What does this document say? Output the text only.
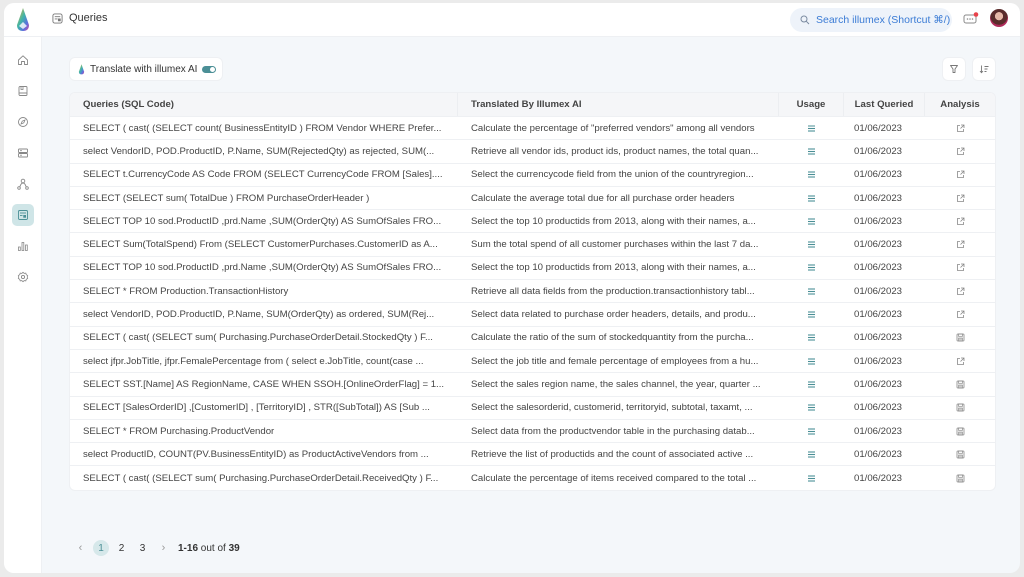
Queries	Search illumex (Shortcut ⌘/)
Translate with illumex AI
Queries (SQL Code)	Translated By Illumex AI	Usage	Last Queried	Analysis
SELECT ( cast( (SELECT count( BusinessEntityID ) FROM Vendor WHERE Prefer...	Calculate the percentage of "preferred vendors" among all vendors	01/06/2023
select VendorID, POD.ProductID, P.Name, SUM(RejectedQty) as rejected, SUM(...	Retrieve all vendor ids, product ids, product names, the total quan...	01/06/2023
SELECT t.CurrencyCode AS Code FROM (SELECT CurrencyCode FROM [Sales]....	Select the currencycode field from the union of the countryregion...	01/06/2023
SELECT (SELECT sum( TotalDue ) FROM PurchaseOrderHeader )	Calculate the average total due for all purchase order headers	01/06/2023
SELECT TOP 10 sod.ProductID ,prd.Name ,SUM(OrderQty) AS SumOfSales FRO...	Select the top 10 productids from 2013, along with their names, a...	01/06/2023
SELECT Sum(TotalSpend) From (SELECT CustomerPurchases.CustomerID as A...	Sum the total spend of all customer purchases within the last 7 da...	01/06/2023
SELECT TOP 10 sod.ProductID ,prd.Name ,SUM(OrderQty) AS SumOfSales FRO...	Select the top 10 productids from 2013, along with their names, a...	01/06/2023
SELECT * FROM Production.TransactionHistory	Retrieve all data fields from the production.transactionhistory tabl...	01/06/2023
select VendorID, POD.ProductID, P.Name, SUM(OrderQty) as ordered, SUM(Rej...	Select data related to purchase order headers, details, and produ...	01/06/2023
SELECT ( cast( (SELECT sum( Purchasing.PurchaseOrderDetail.StockedQty ) F...	Calculate the ratio of the sum of stockedquantity from the purcha...	01/06/2023
select jfpr.JobTitle, jfpr.FemalePercentage from ( select e.JobTitle, count(case ...	Select the job title and female percentage of employees from a hu...	01/06/2023
SELECT SST.[Name] AS RegionName, CASE WHEN SSOH.[OnlineOrderFlag] = 1...	Select the sales region name, the sales channel, the year, quarter ...	01/06/2023
SELECT [SalesOrderID] ,[CustomerID] , [TerritoryID] , STR([SubTotal]) AS [Sub ...	Select the salesorderid, customerid, territoryid, subtotal, taxamt, ...	01/06/2023
SELECT * FROM Purchasing.ProductVendor	Select data from the productvendor table in the purchasing datab...	01/06/2023
select ProductID, COUNT(PV.BusinessEntityID) as ProductActiveVendors from ...	Retrieve the list of productids and the count of associated active ...	01/06/2023
SELECT ( cast( (SELECT sum( Purchasing.PurchaseOrderDetail.ReceivedQty ) F...	Calculate the percentage of items received compared to the total ...	01/06/2023
‹	1	2	3	›	1-16 out of 39
